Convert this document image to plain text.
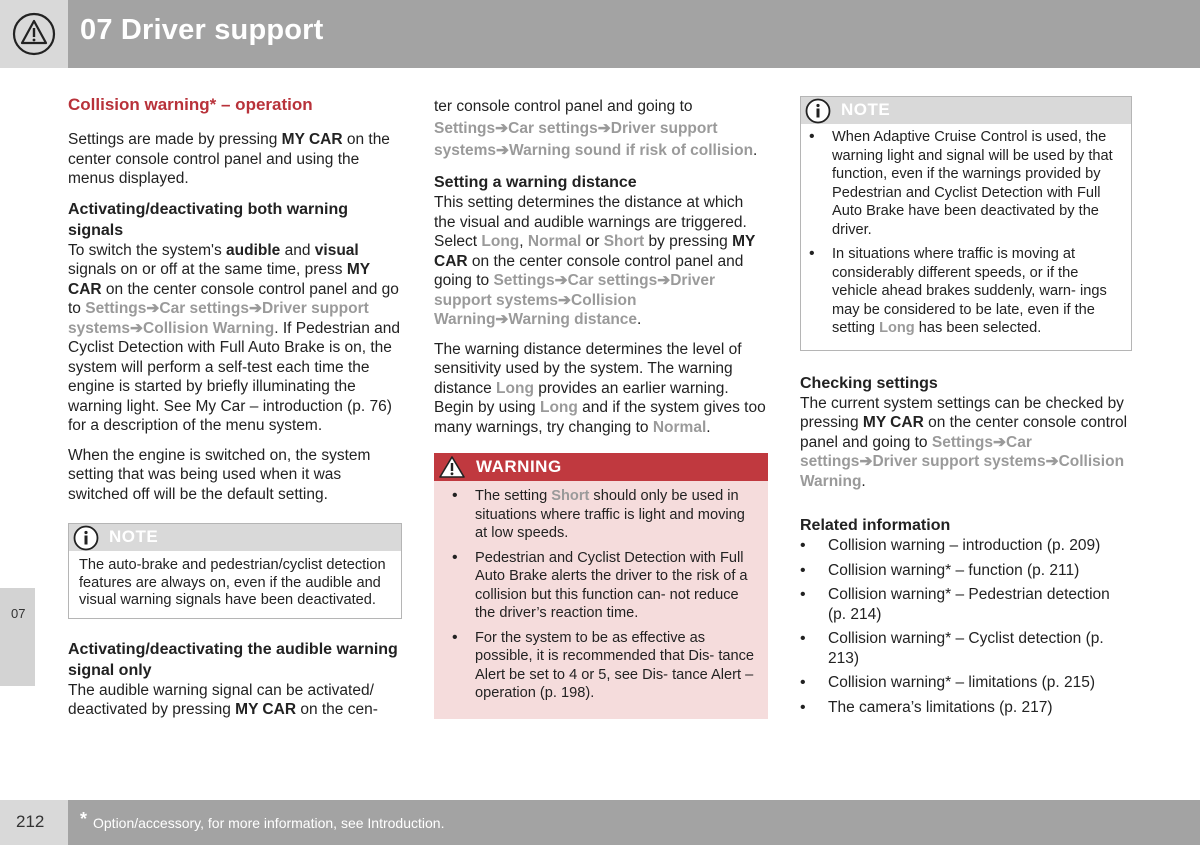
07 Driver support
07
Collision warning* – operation

Settings are made by pressing MY CAR on the center console control panel and using the menus displayed.

Activating/deactivating both warning signals

To switch the system's audible and visual signals on or off at the same time, press MY CAR on the center console control panel and go to Settings➔Car settings➔Driver support systems➔Collision Warning. If Pedestrian and Cyclist Detection with Full Auto Brake is on, the system will perform a self-test each time the engine is started by briefly illuminating the warning light. See My Car – introduction (p. 76) for a description of the menu system.

When the engine is switched on, the system setting that was being used when it was switched off will be the default setting.

NOTE
The auto-brake and pedestrian/cyclist detection features are always on, even if the audible and visual warning signals have been deactivated.
Activating/deactivating the audible warning signal only

The audible warning signal can be activated/ deactivated by pressing MY CAR on the cen-

ter console control panel and going to Settings➔Car settings➔Driver support systems➔Warning sound if risk of collision.

Setting a warning distance

This setting determines the distance at which the visual and audible warnings are triggered. Select Long, Normal or Short by pressing MY CAR on the center console control panel and going to Settings➔Car settings➔Driver support systems➔Collision Warning➔Warning distance.

The warning distance determines the level of sensitivity used by the system. The warning distance Long provides an earlier warning. Begin by using Long and if the system gives too many warnings, try changing to Normal.

WARNING
• The setting Short should only be used in situations where traffic is light and moving at low speeds.
• Pedestrian and Cyclist Detection with Full Auto Brake alerts the driver to the risk of a collision but this function can- not reduce the driver’s reaction time.
• For the system to be as effective as possible, it is recommended that Dis- tance Alert be set to 4 or 5, see Dis- tance Alert – operation (p. 198).
NOTE
• When Adaptive Cruise Control is used, the warning light and signal will be used by that function, even if the warnings provided by Pedestrian and Cyclist Detection with Full Auto Brake have been deactivated by the driver.
• In situations where traffic is moving at considerably different speeds, or if the vehicle ahead brakes suddenly, warn- ings may be considered to be late, even if the setting Long has been selected.
Checking settings

The current system settings can be checked by pressing MY CAR on the center console control panel and going to Settings➔Car settings➔Driver support systems➔Collision Warning.

Related information
• Collision warning – introduction (p. 209)
• Collision warning* – function (p. 211)
• Collision warning* – Pedestrian detection (p. 214)
• Collision warning* – Cyclist detection (p. 213)
• Collision warning* – limitations (p. 215)
• The camera’s limitations (p. 217)
212 * Option/accessory, for more information, see Introduction.
